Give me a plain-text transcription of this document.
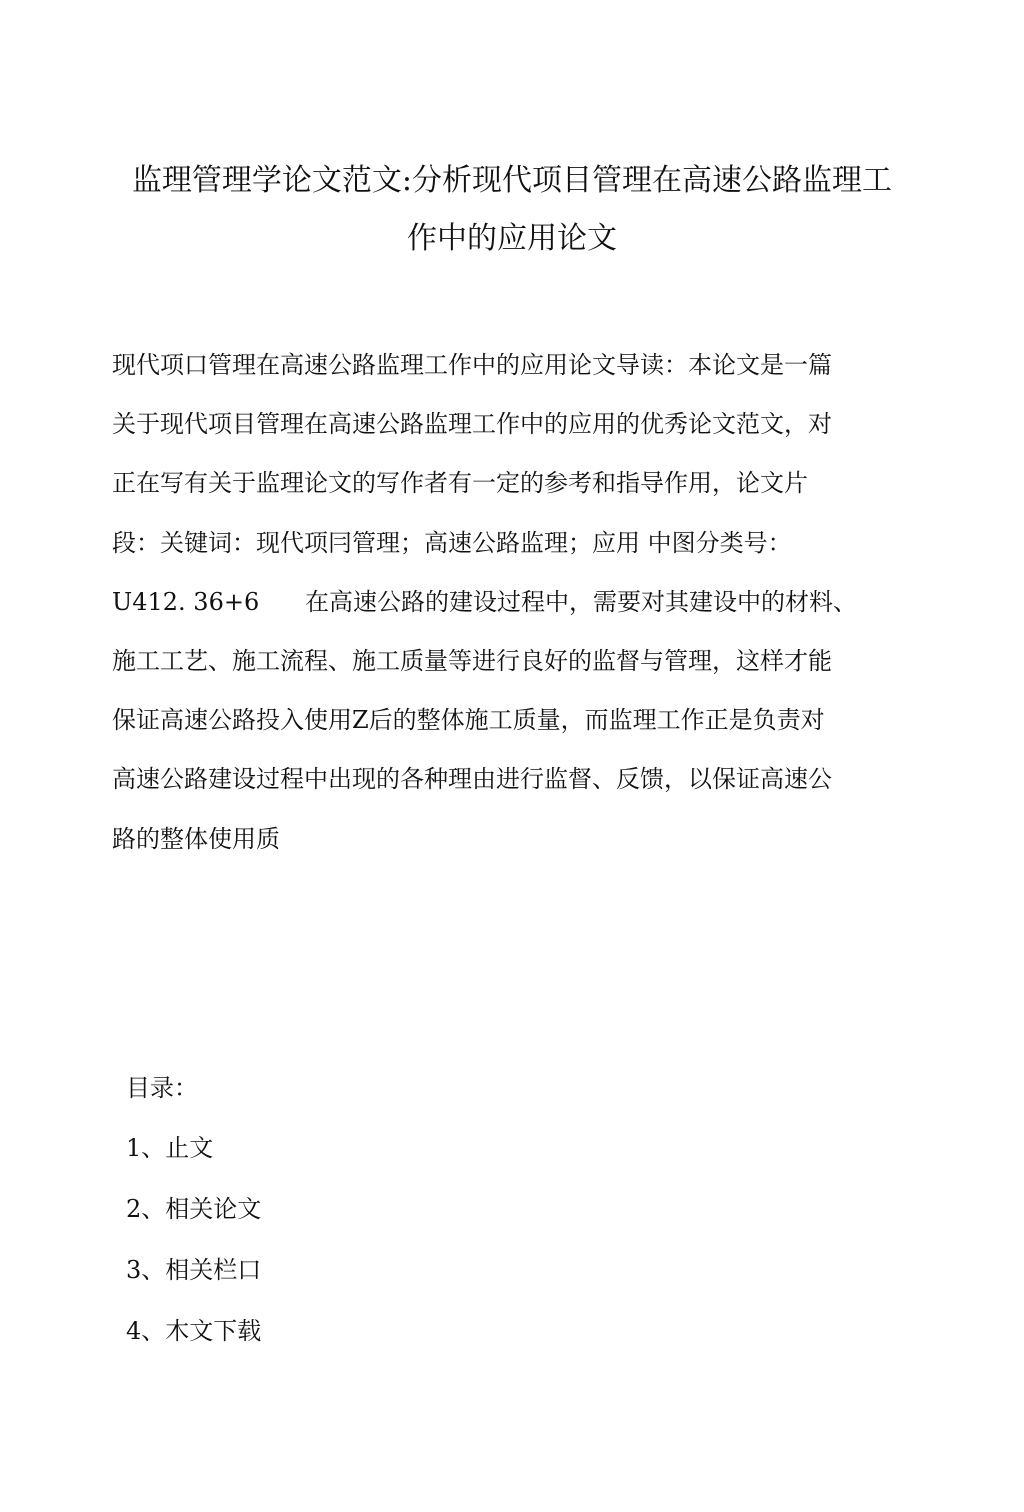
监理管理学论文范文:分析现代项目管理在高速公路监理工
作中的应用论文
现代项口管理在高速公路监理工作中的应用论文导读：本论文是一篇
关于现代项目管理在高速公路监理工作中的应用的优秀论文范文，对
正在写有关于监理论文的写作者有一定的参考和指导作用，论文片
段：关键词：现代项冃管理；高速公路监理；应用 中图分类号：
U412. 36+6      在高速公路的建设过程中，需要对其建设中的材料、
施工工艺、施工流程、施工质量等进行良好的监督与管理，这样才能
保证高速公路投入使用Z后的整体施工质量，而监理工作正是负责对
高速公路建设过程中出现的各种理由进行监督、反馈，以保证高速公
路的整体使用质
目录：
1、止文
2、相关论文
3、相关栏口
4、木文下载
